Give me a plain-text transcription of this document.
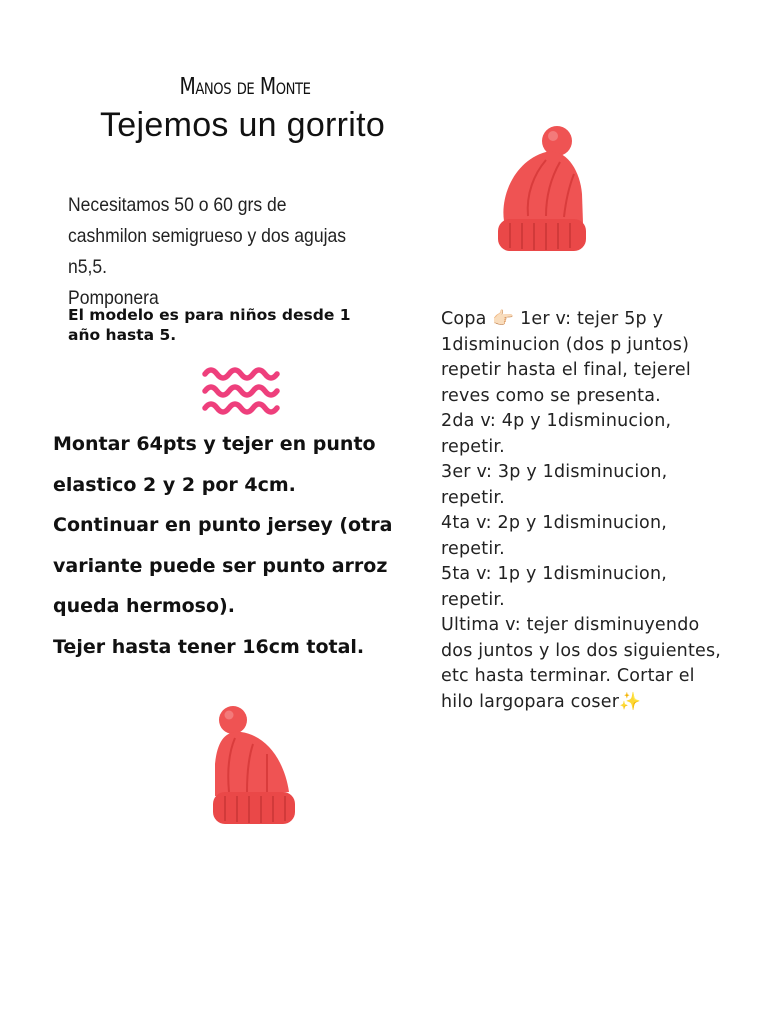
Manos de Monte
Tejemos un gorrito
Necesitamos 50 o 60 grs de
cashmilon semigrueso y dos agujas
n5,5.
Pomponera
El modelo es para niños desde 1
año hasta 5.
Montar 64pts y tejer en punto
elastico 2 y 2 por 4cm.
Continuar en punto jersey (otra
variante puede ser punto arroz
queda hermoso).
Tejer hasta tener 16cm total.
Copa 👉🏻 1er v: tejer 5p y
1disminucion (dos p juntos)
repetir hasta el final, tejerel
reves como se presenta.
2da v: 4p y 1disminucion,
repetir.
3er v: 3p y 1disminucion,
repetir.
4ta v: 2p y 1disminucion,
repetir.
5ta v: 1p y 1disminucion,
repetir.
Ultima v: tejer disminuyendo
dos juntos y los dos siguientes,
etc hasta terminar. Cortar el
hilo largopara coser✨
